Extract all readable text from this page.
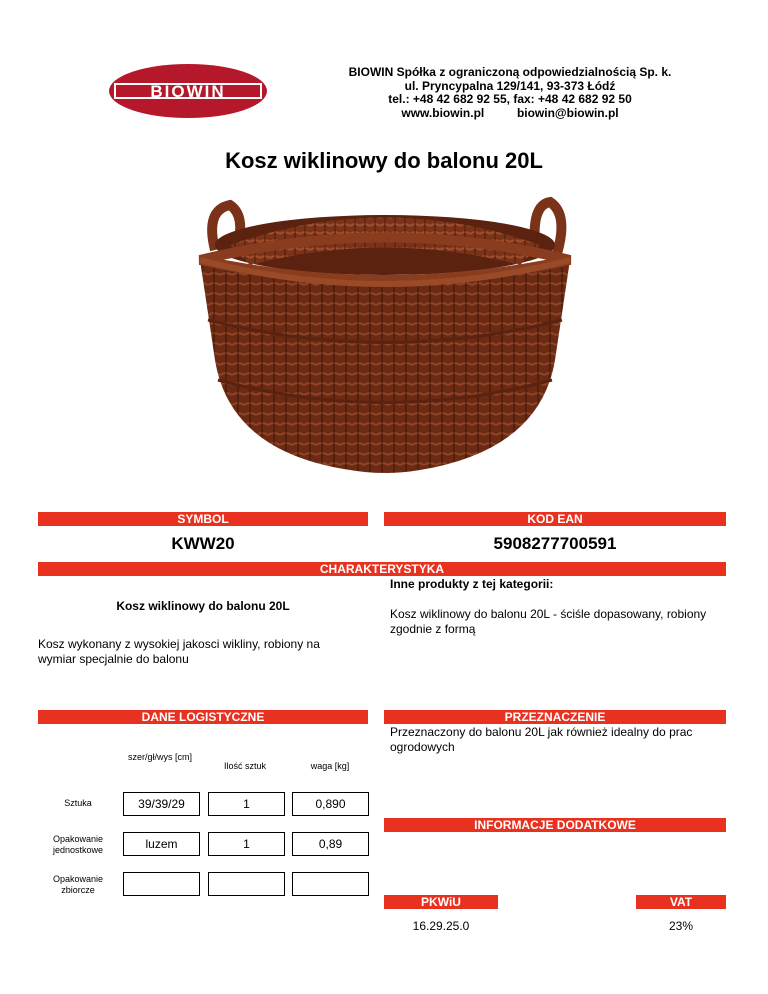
BIOWIN
BIOWIN Spółka z ograniczoną odpowiedzialnością Sp. k.
ul. Pryncypalna 129/141, 93-373 Łódź
tel.: +48 42 682 92 55, fax: +48 42 682 92 50
www.biowin.pl	biowin@biowin.pl
Kosz wiklinowy do balonu 20L
SYMBOL	KOD EAN
KWW20	5908277700591
CHARAKTERYSTYKA
Inne produkty z tej kategorii:
Kosz wiklinowy do balonu 20L
Kosz wiklinowy do balonu 20L - ściśle dopasowany, robiony zgodnie z formą
Kosz wykonany z wysokiej jakosci wikliny, robiony na wymiar specjalnie do balonu
DANE LOGISTYCZNE
szer/gł/wys [cm]
Ilość sztuk	waga [kg]
Sztuka	39/39/29	1	0,890
Opakowanie jednostkowe	luzem	1	0,89
Opakowanie zbiorcze
PRZEZNACZENIE
Przeznaczony do balonu 20L jak również idealny do prac ogrodowych
INFORMACJE DODATKOWE
PKWiU	VAT
16.29.25.0	23%
